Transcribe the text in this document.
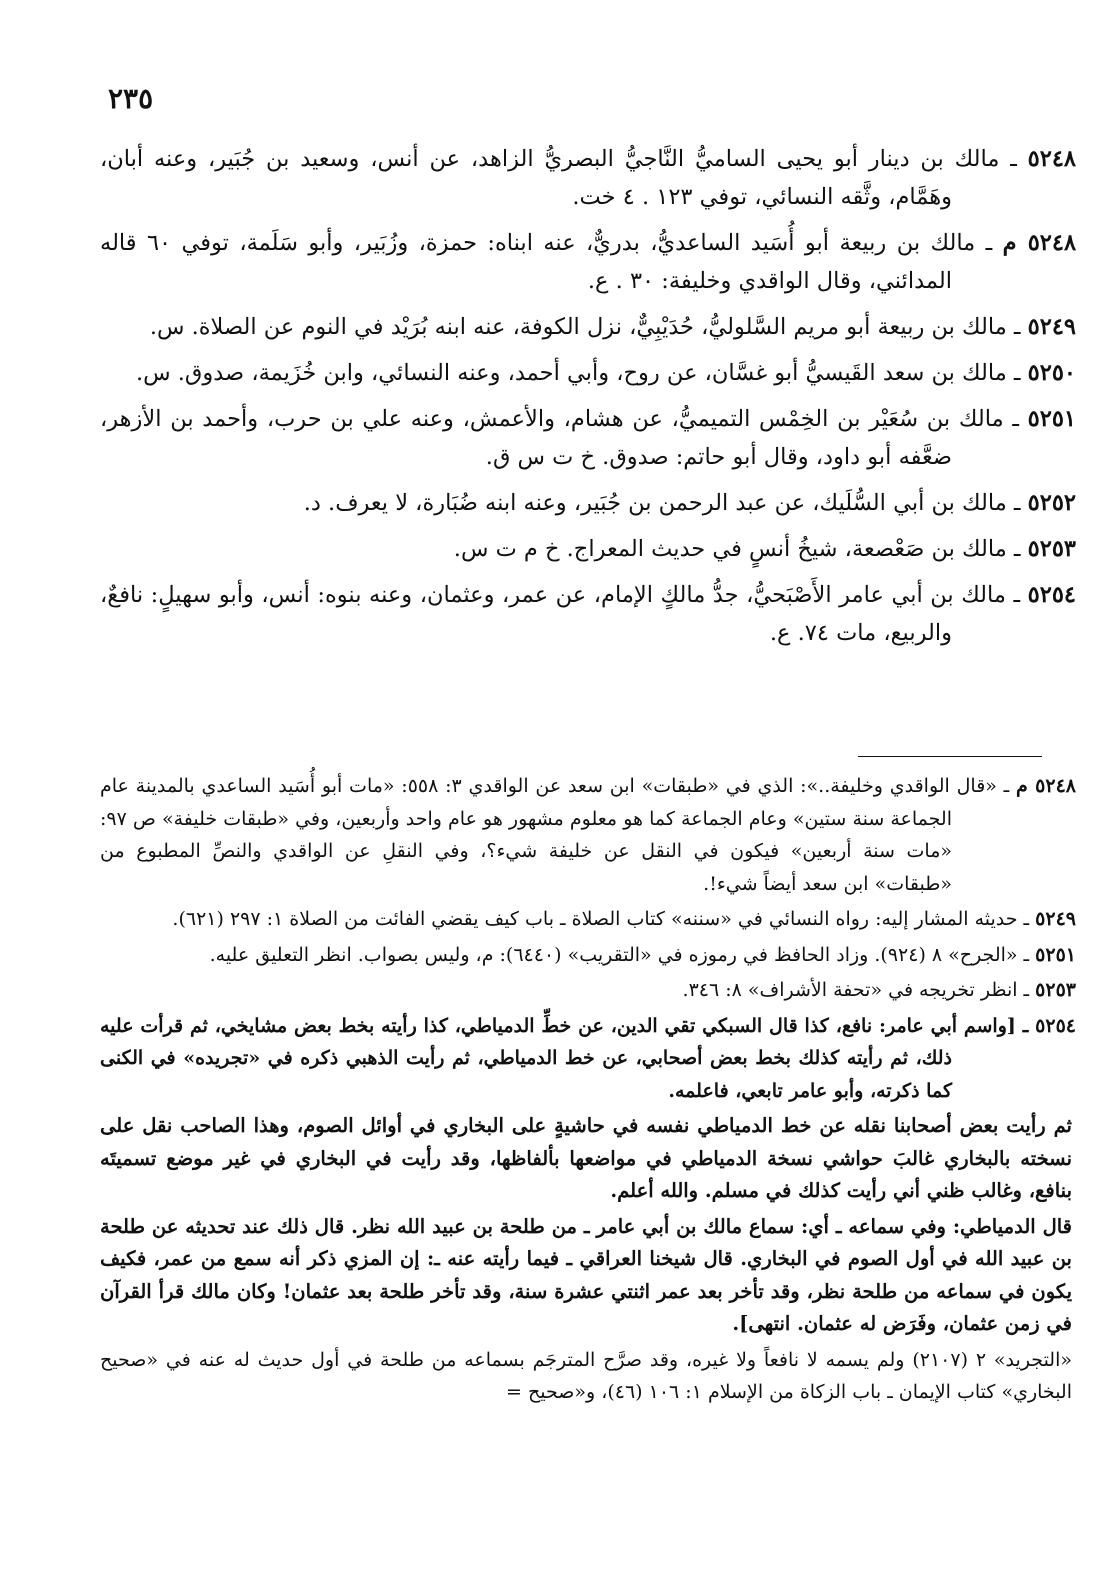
٢٣٥
٥٢٤٨ ـ مالك بن دينار أبو يحيى الساميُّ النَّاجيُّ البصريُّ الزاهد، عن أنس، وسعيد بن جُبَير، وعنه أبان، وهَمَّام، وثَّقه النسائي، توفي ١٢٣ . ٤ خت.
٥٢٤٨ م ـ مالك بن ربيعة أبو أُسَيد الساعديُّ، بدريٌّ، عنه ابناه: حمزة، وزُبَير، وأبو سَلَمة، توفي ٦٠ قاله المدائني، وقال الواقدي وخليفة: ٣٠ . ع.
٥٢٤٩ ـ مالك بن ربيعة أبو مريم السَّلوليُّ، حُدَيْبِيٌّ، نزل الكوفة، عنه ابنه بُرَيْد في النوم عن الصلاة. س.
٥٢٥٠ ـ مالك بن سعد القَيسيُّ أبو غسَّان، عن روح، وأبي أحمد، وعنه النسائي، وابن خُزَيمة، صدوق. س.
٥٢٥١ ـ مالك بن سُعَيْر بن الخِمْس التميميُّ، عن هشام، والأعمش، وعنه علي بن حرب، وأحمد بن الأزهر، ضعَّفه أبو داود، وقال أبو حاتم: صدوق. خ ت س ق.
٥٢٥٢ ـ مالك بن أبي السُّلَيك، عن عبد الرحمن بن جُبَير، وعنه ابنه ضُبَارة، لا يعرف. د.
٥٢٥٣ ـ مالك بن صَعْصعة، شيخُ أنسٍ في حديث المعراج. خ م ت س.
٥٢٥٤ ـ مالك بن أبي عامر الأَصْبَحيُّ، جدُّ مالكٍ الإمام، عن عمر، وعثمان، وعنه بنوه: أنس، وأبو سهيلٍ: نافعٌ، والربيع، مات ٧٤. ع.
٥٢٤٨ م ـ «قال الواقدي وخليفة..»: الذي في «طبقات» ابن سعد عن الواقدي ٣: ٥٥٨: «مات أبو أُسَيد الساعدي بالمدينة عام الجماعة سنة ستين» وعام الجماعة كما هو معلوم مشهور هو عام واحد وأربعين، وفي «طبقات خليفة» ص ٩٧: «مات سنة أربعين» فيكون في النقل عن خليفة شيء؟، وفي النقلِ عن الواقدي والنصِّ المطبوع من «طبقات» ابن سعد أيضاً شيء!.
٥٢٤٩ ـ حديثه المشار إليه: رواه النسائي في «سننه» كتاب الصلاة ـ باب كيف يقضي الفائت من الصلاة ١: ٢٩٧ (٦٢١).
٥٢٥١ ـ «الجرح» ٨ (٩٢٤). وزاد الحافظ في رموزه في «التقريب» (٦٤٤٠): م، وليس بصواب. انظر التعليق عليه.
٥٢٥٣ ـ انظر تخريجه في «تحفة الأشراف» ٨: ٣٤٦.
٥٢٥٤ ـ [واسم أبي عامر: نافع، كذا قال السبكي تقي الدين، عن خطِّ الدمياطي، كذا رأيته بخط بعض مشايخي، ثم قرأت عليه ذلك، ثم رأيته كذلك بخط بعض أصحابي، عن خط الدمياطي، ثم رأيت الذهبي ذكره في «تجريده» في الكنى كما ذكرته، وأبو عامر تابعي، فاعلمه.
ثم رأيت بعض أصحابنا نقله عن خط الدمياطي نفسه في حاشيةٍ على البخاري في أوائل الصوم، وهذا الصاحب نقل على نسخته بالبخاري غالبَ حواشي نسخة الدمياطي في مواضعها بألفاظها، وقد رأيت في البخاري في غير موضع تسميتَه بنافع، وغالب ظني أني رأيت كذلك في مسلم. والله أعلم.
قال الدمياطي: وفي سماعه ـ أي: سماع مالك بن أبي عامر ـ من طلحة بن عبيد الله نظر. قال ذلك عند تحديثه عن طلحة بن عبيد الله في أول الصوم في البخاري. قال شيخنا العراقي ـ فيما رأيته عنه ـ: إن المزي ذكر أنه سمع من عمر، فكيف يكون في سماعه من طلحة نظر، وقد تأخر بعد عمر اثنتي عشرة سنة، وقد تأخر طلحة بعد عثمان! وكان مالك قرأ القرآن في زمن عثمان، وفَرَض له عثمان. انتهى].
«التجريد» ٢ (٢١٠٧) ولم يسمه لا نافعاً ولا غيره، وقد صرَّح المترجَم بسماعه من طلحة في أول حديث له عنه في «صحيح البخاري» كتاب الإيمان ـ باب الزكاة من الإسلام ١: ١٠٦ (٤٦)، و«صحيح =
